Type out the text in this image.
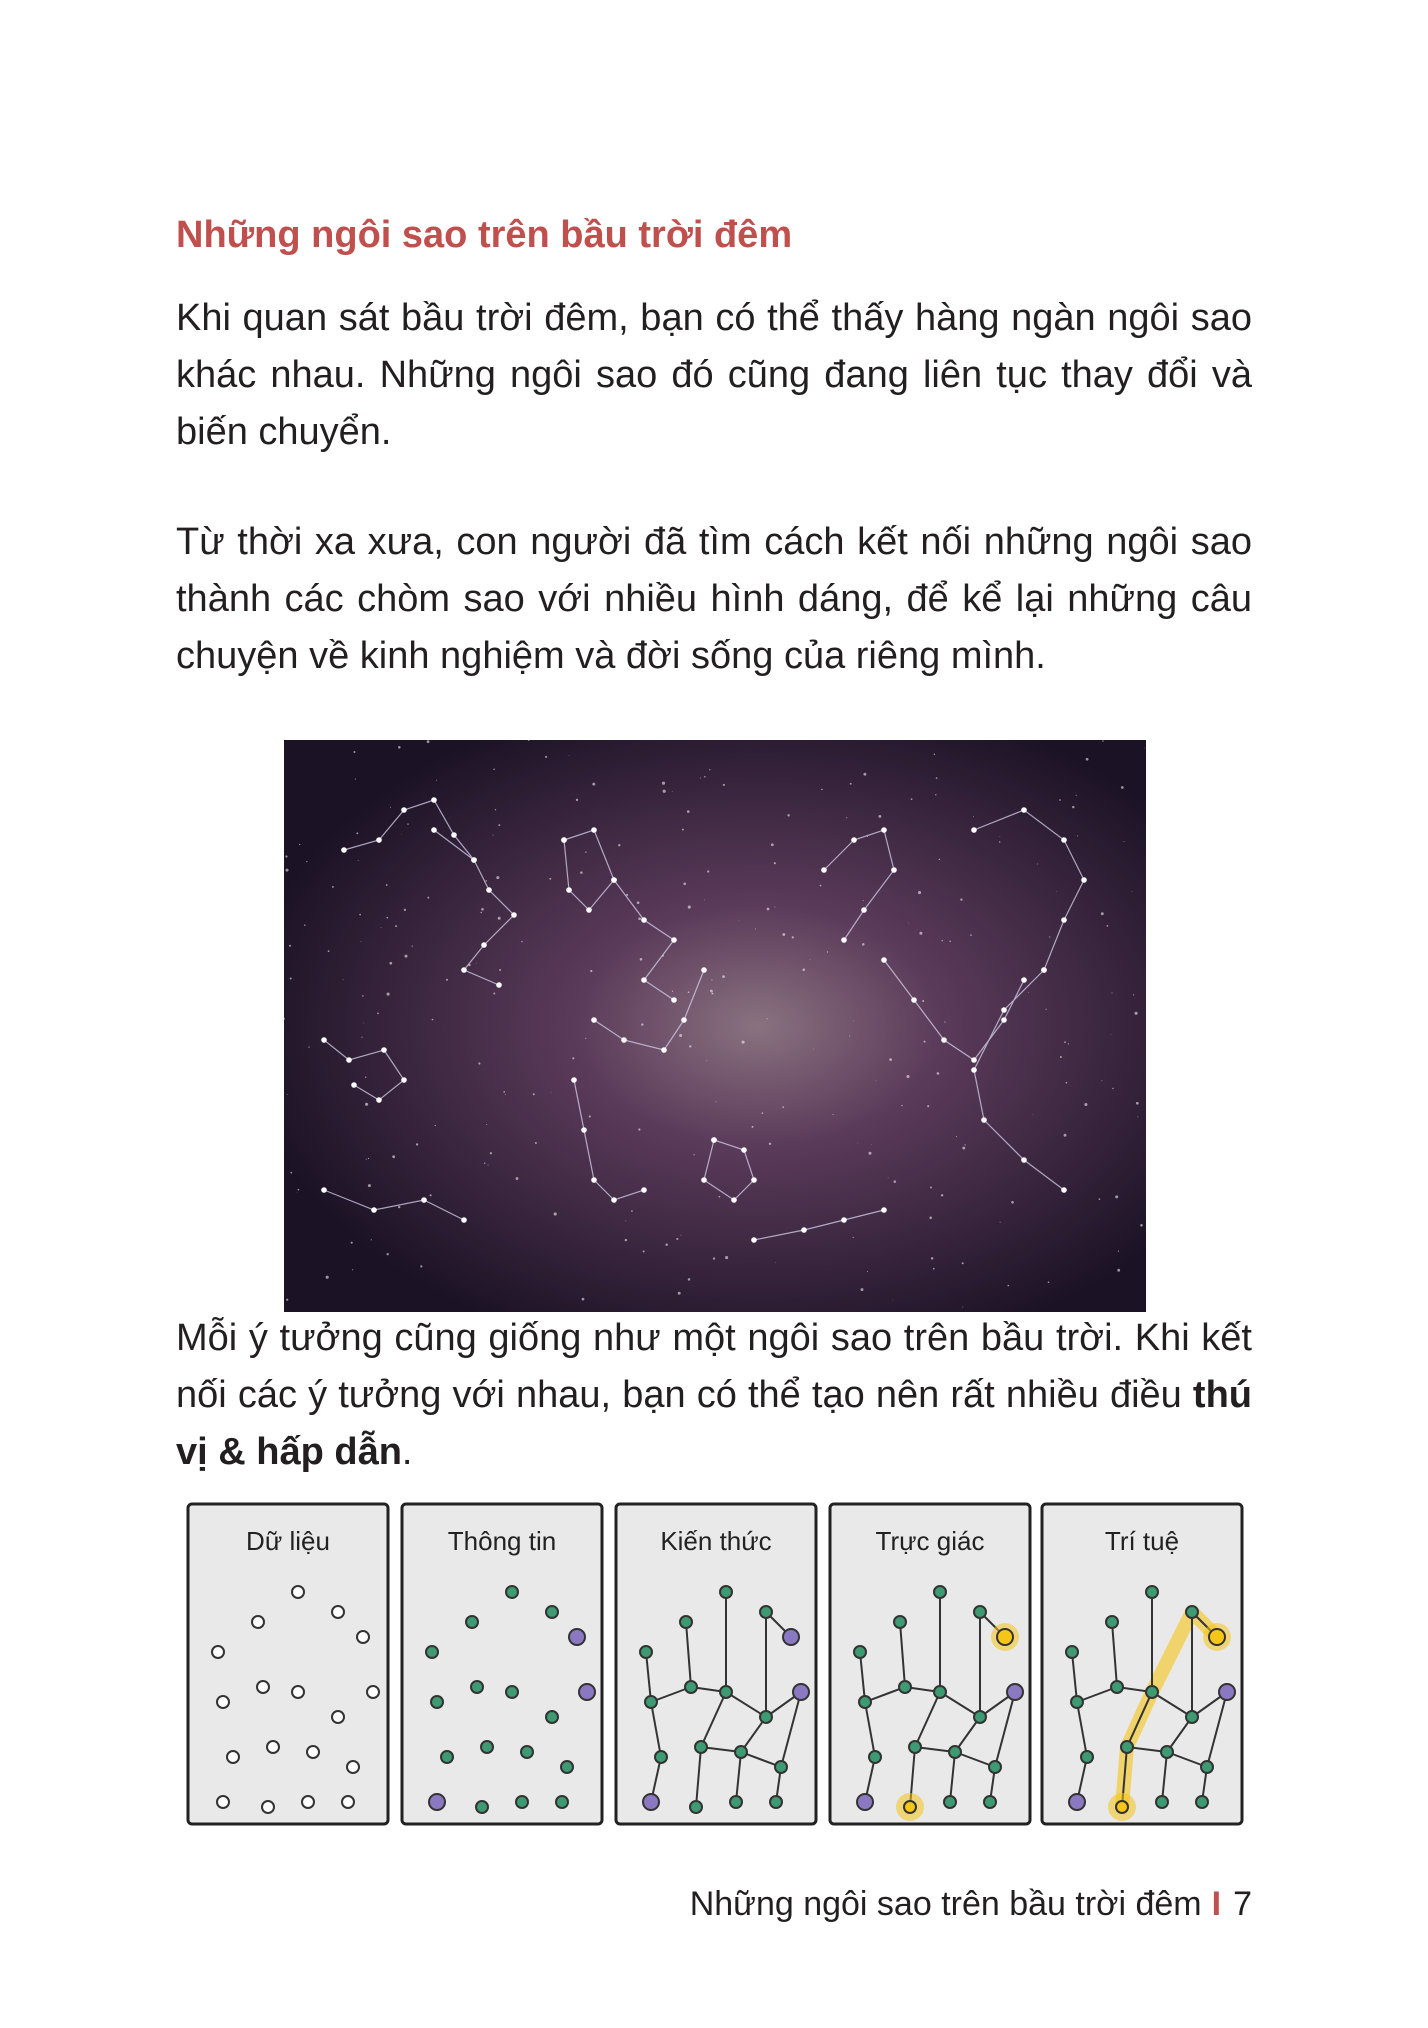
Những ngôi sao trên bầu trời đêm

Khi quan sát bầu trời đêm, bạn có thể thấy hàng ngàn ngôi sao khác nhau. Những ngôi sao đó cũng đang liên tục thay đổi và biến chuyển.

Từ thời xa xưa, con người đã tìm cách kết nối những ngôi sao thành các chòm sao với nhiều hình dáng, để kể lại những câu chuyện về kinh nghiệm và đời sống của riêng mình.

Mỗi ý tưởng cũng giống như một ngôi sao trên bầu trời. Khi kết nối các ý tưởng với nhau, bạn có thể tạo nên rất nhiều điều thú vị & hấp dẫn.

Dữ liệu	Thông tin	Kiến thức	Trực giác	Trí tuệ
Những ngôi sao trên bầu trời đêm I 7
